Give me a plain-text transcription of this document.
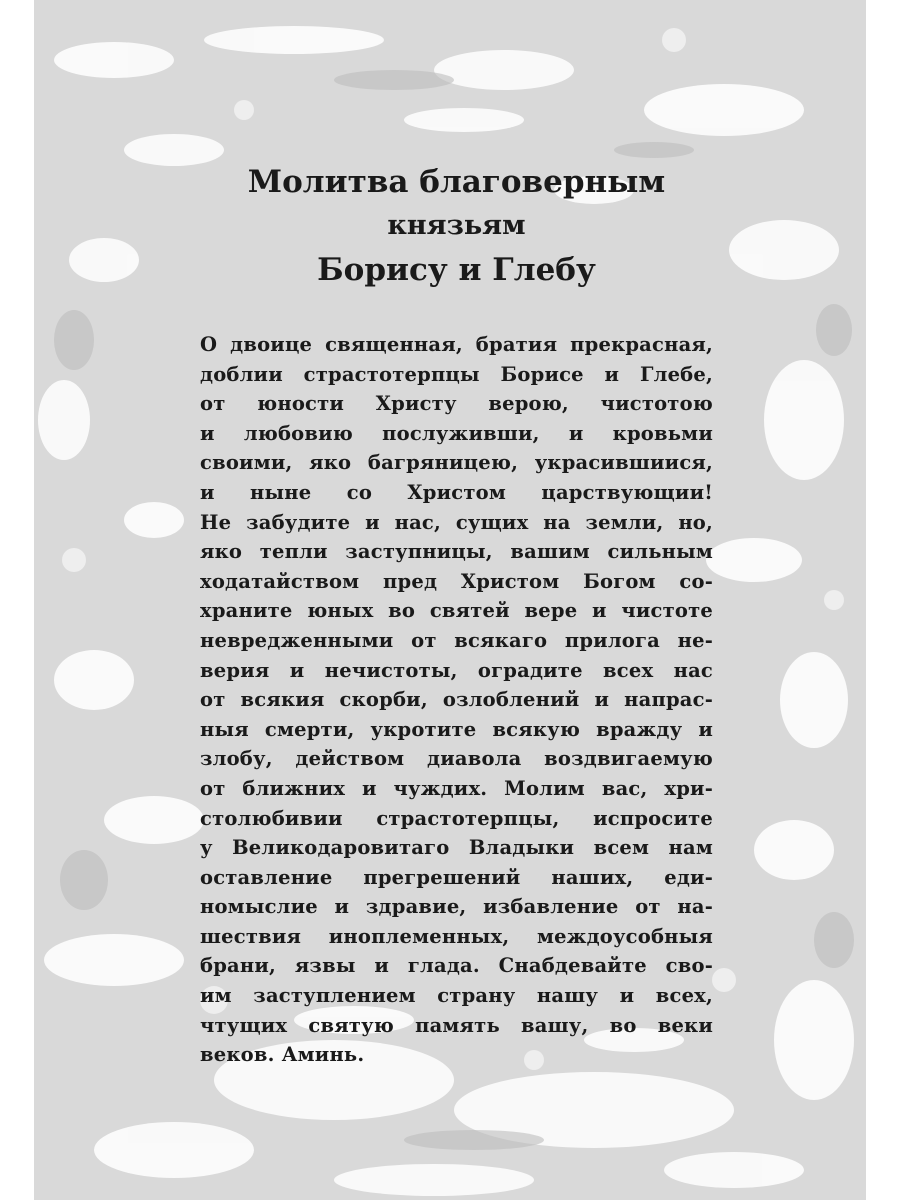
Молитва благоверным
князьям
Борису и Глебу

О двоице священная, братия прекрасная,
доблии страстотерпцы Борисе и Глебе,
от юности Христу верою, чистотою
и любовию послуживши, и кровьми
своими, яко багряницею, украсившиися,
и ныне со Христом царствующии!
Не забудите и нас, сущих на земли, но,
яко тепли заступницы, вашим сильным
ходатайством пред Христом Богом со-
храните юных во святей вере и чистоте
невредженными от всякаго прилога не-
верия и нечистоты, оградите всех нас
от всякия скорби, озлоблений и напрас-
ныя смерти, укротите всякую вражду и
злобу, действом диавола воздвигаемую
от ближних и чуждих. Молим вас, хри-
столюбивии страстотерпцы, испросите
у Великодаровитаго Владыки всем нам
оставление прегрешений наших, еди-
номыслие и здравие, избавление от на-
шествия иноплеменных, междоусобныя
брани, язвы и глада. Снабдевайте сво-
им заступлением страну нашу и всех,
чтущих святую память вашу, во веки
веков. Аминь.
